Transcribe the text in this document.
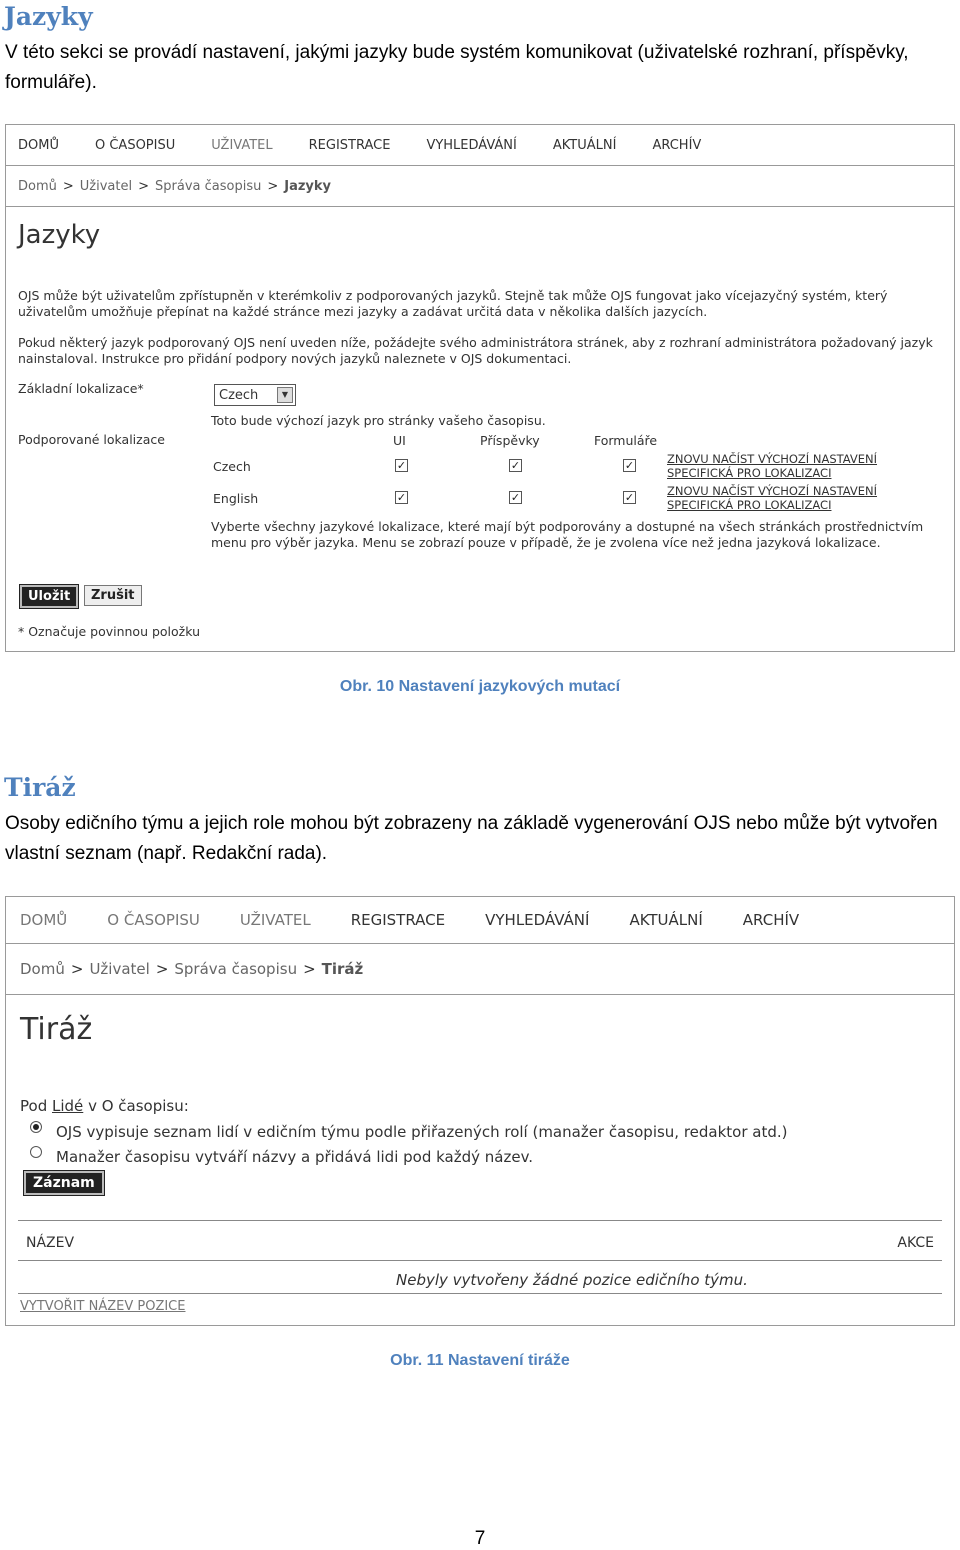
Jazyky

V této sekci se provádí nastavení, jakými jazyky bude systém komunikovat (uživatelské rozhraní, příspěvky, formuláře).

DOMŮ	O ČASOPISU	UŽIVATEL	REGISTRACE	VYHLEDÁVÁNÍ	AKTUÁLNÍ	ARCHÍV
Domů > Uživatel > Správa časopisu > Jazyky
Jazyky
OJS může být uživatelům zpřístupněn v kterémkoliv z podporovaných jazyků. Stejně tak může OJS fungovat jako vícejazyčný systém, který uživatelům umožňuje přepínat na každé stránce mezi jazyky a zadávat určitá data v několika dalších jazycích.
Pokud některý jazyk podporovaný OJS není uveden níže, požádejte svého administrátora stránek, aby z rozhraní administrátora požadovaný jazyk nainstaloval. Instrukce pro přidání podpory nových jazyků naleznete v OJS dokumentaci.
Základní lokalizace*	Czech	▼
Toto bude výchozí jazyk pro stránky vašeho časopisu.
Podporované lokalizace	UI	Příspěvky	Formuláře
Czech	✓	✓	✓	ZNOVU NAČÍST VÝCHOZÍ NASTAVENÍ
SPECIFICKÁ PRO LOKALIZACI
English	✓	✓	✓	ZNOVU NAČÍST VÝCHOZÍ NASTAVENÍ
SPECIFICKÁ PRO LOKALIZACI
Vyberte všechny jazykové lokalizace, které mají být podporovány a dostupné na všech stránkách prostřednictvím menu pro výběr jazyka. Menu se zobrazí pouze v případě, že je zvolena více než jedna jazyková lokalizace.
Uložit	Zrušit
* Označuje povinnou položku
Obr. 10 Nastavení jazykových mutací
Tiráž

Osoby edičního týmu a jejich role mohou být zobrazeny na základě vygenerování OJS nebo může být vytvořen vlastní seznam (např. Redakční rada).

DOMŮ	O ČASOPISU	UŽIVATEL	REGISTRACE	VYHLEDÁVÁNÍ	AKTUÁLNÍ	ARCHÍV
Domů > Uživatel > Správa časopisu > Tiráž
Tiráž
Pod Lidé v O časopisu:
OJS vypisuje seznam lidí v edičním týmu podle přiřazených rolí (manažer časopisu, redaktor atd.)
Manažer časopisu vytváří názvy a přidává lidi pod každý název.
Záznam
NÁZEV	AKCE
Nebyly vytvořeny žádné pozice edičního týmu.
VYTVOŘIT NÁZEV POZICE
Obr. 11 Nastavení tiráže
7
